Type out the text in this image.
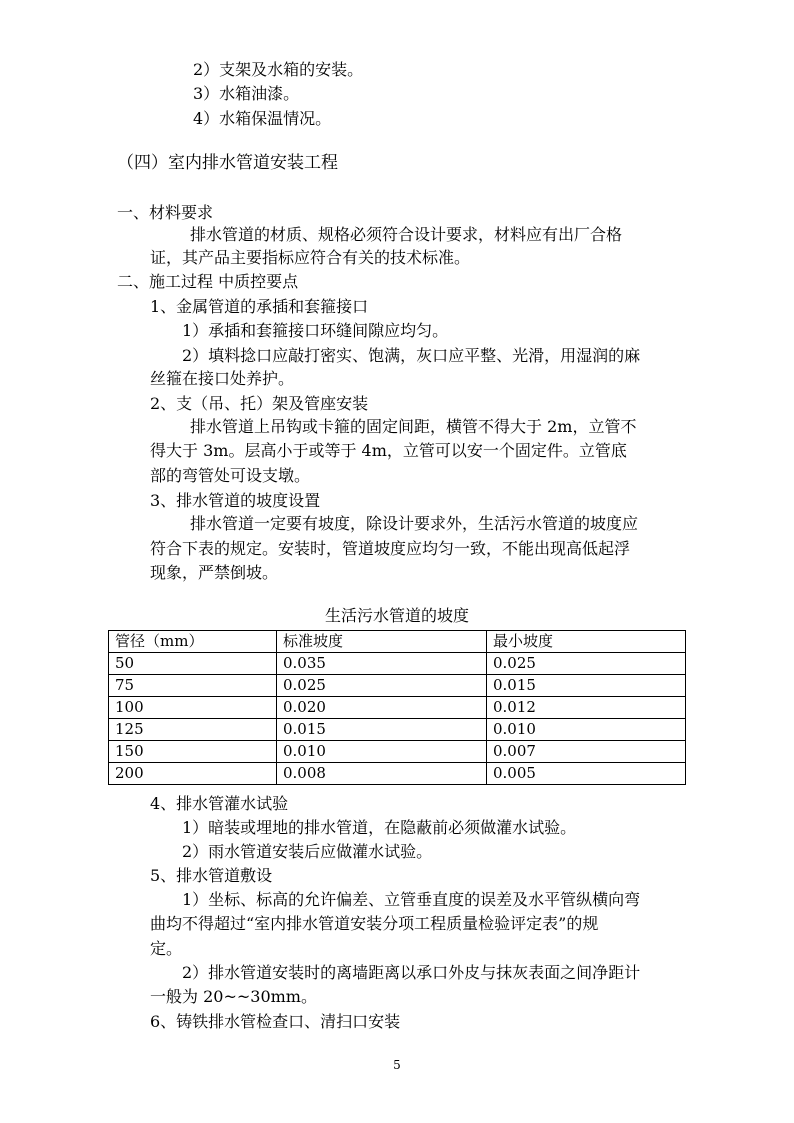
2）支架及水箱的安装。
3）水箱油漆。
4）水箱保温情况。
（四）室内排水管道安装工程
一、材料要求
排水管道的材质、规格必须符合设计要求，材料应有出厂合格
证，其产品主要指标应符合有关的技术标准。
二、施工过程 中质控要点
1、金属管道的承插和套箍接口
1）承插和套箍接口环缝间隙应均匀。
2）填料捻口应敲打密实、饱满，灰口应平整、光滑，用湿润的麻
丝箍在接口处养护。
2、支（吊、托）架及管座安装
排水管道上吊钩或卡箍的固定间距，横管不得大于 2m，立管不
得大于 3m。层高小于或等于 4m，立管可以安一个固定件。立管底
部的弯管处可设支墩。
3、排水管道的坡度设置
排水管道一定要有坡度，除设计要求外，生活污水管道的坡度应
符合下表的规定。安装时，管道坡度应均匀一致，不能出现高低起浮
现象，严禁倒坡。
生活污水管道的坡度
管径（mm）	标准坡度	最小坡度
50	0.035	0.025
75	0.025	0.015
100	0.020	0.012
125	0.015	0.010
150	0.010	0.007
200	0.008	0.005
4、排水管灌水试验
1）暗装或埋地的排水管道，在隐蔽前必须做灌水试验。
2）雨水管道安装后应做灌水试验。
5、排水管道敷设
1）坐标、标高的允许偏差、立管垂直度的误差及水平管纵横向弯
曲均不得超过“室内排水管道安装分项工程质量检验评定表”的规
定。
2）排水管道安装时的离墙距离以承口外皮与抹灰表面之间净距计
一般为 20~~30mm。
6、铸铁排水管检查口、清扫口安装
5
